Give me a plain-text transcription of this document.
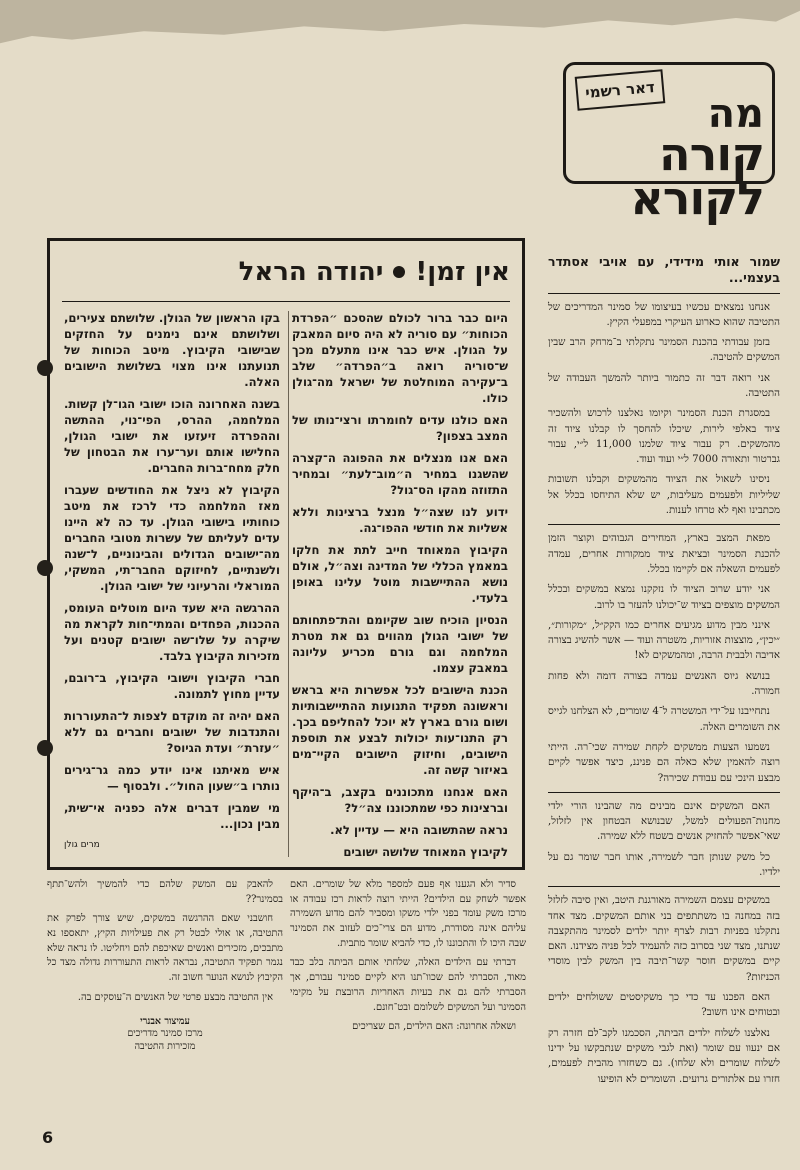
דאר רשמי
מה
קורה לקורא
שמור אותי מידידי, עם אויבי אסתדר בעצמי...

אנחנו נמצאים עכשיו בעיצומו של סמינר המדריכים של התטיבה שהוא כארוע העיקרי במפעלי הקיץ.

בזמן עבודתי בהכנת הסמינר נתקלתי ב־מרחק הרב שבין המשקים להטיבה.

אני רואה דבר זה כתמור ביותר להמשך העבודה של התטיבה.

במסגרת הכנת הסמינר וקיומו נאלצנו לרכוש ולהשכיר ציוד באלפי לירות, שיכלו להחסך לו קבלנו ציוד זה מהמשקים. רק עבור ציוד שלמנו 11,000 ל״י, עבור גברטור ותאורה 7000 ל״י ועוד ועוד.

ניסינו לשאול את הציוד מהמשקים וקבלנו תשובות שליליות ולפעמים מעליבות, יש שלא התיחסו בכלל אל מכתבינו ואף לא טרחו לענות.

מפאת המצב בארץ, המחירים הגבוהים וקוצר הזמן להכנת הסמינר ובציאת ציוד ממקורות אחרים, עמדה לפעמים השאלה אם לקיימו בכלל.

אני יודע שרוב הציוד לו נזקקנו נמצא במשקים ובכלל המשקים מוצפים בציוד ש־יכולנו להעזר בו לרוב.

אינני מבין מדוע מגיעים אחרים כמו הקק״ל, ״מקורות״, ״יכין״, מוצצות אזוריות, משטרה ועוד — אשר להשיג בצורה אדיבה ולבבית הרבה, ומהמשקים לא!

בנושא גיוס האנשים עמדה בצורה דומה ולא פחות חמורה.

נתחייבנו על־ידי המשטרה ל־4 שומרים, לא הצלחנו לגייס את השומרים האלה.

נשמעו הצעות ממשקים לקחת שמירה שכי־רה. הייתי רוצה להאמין שלא כאלה הם פניננ, כיצד אפשר לקיים מבצע הינכי עם עבודת שכירה?

האם המשקים אינם מבינים מה שהבינו הורי ילדי מחנות־הפעולים למשל, שבנושא הבטחון אין לזלזל, שאי־אפשר להחזיק אנשים בשטח ללא שמירה.

כל משק שנותן חבר לשמירה, אותו חבר שומר גם על ילדיו.

במשקים עצמם השמירה מאורגנת היטב, ואין סיבה לזלזל בזה במחנה בו משתתפים בני אותם המשקים. מצד אחד נתקלנו בפניות רבות לצרף יותר ילדים לסמינר מהתקצבה שנתנו, מצד שני בסרוב כזה להעמיד לכל פניה מצידנו. האם קיים במשקים חוסר קשר־תיבה בין המשק לבין מוסדי הכניזות?

האם הפכנו עד כדי כך משקיסטים ששולחים ילדים ובטוחים אינו חשוב?

נאלצנו לשלוח ילדים הביתה, הסכמנו לקב־לם חזרה רק אם ינעוו עם שומר (ואת לגבי משקים שנתבקשו על ידינו לשלוח שומרים ולא שלחו). גם כשחזרו מהבית לפעמים, חזרו עם אלתורים גרועים. השומרים לא הופיעו

אין זמן!
יהודה הראל

היום כבר ברור לכולם שהסכם ״הפרדת הכוחות״ עם סוריה לא היה סיום המאבק על הגולן. איש כבר אינו מתעלם מכך ש־סוריה רואה ב״הפרדה״ שלב ב־עקירה המוחלטת של ישראל מה־גולן כולו.

האם כולנו עדים לחומרתו ורצי־נותו של המצב בצפון?

האם אנו מנצלים את ההפוגה ה־קצרה שהשגנו במחיר ה״מוב־לעת״ ובמחיר התזוזה מהקו הס־גול?

ידוע לנו שצה״ל מנצל ברצינות וללא אשליות את חודשי ההפו־גה.

הקיבוץ המאוחד חייב לתת את חלקו במאמץ הכללי של המדינה וצה״ל, אולם נושא ההתיישבות מוטל עלינו באופן בלעדי.

הנסיון הוכיח שוב שקיומם והת־פתחותם של ישובי הגולן מהווים גם את מטרת המלחמה וגם גורם מכריע עליונה במאבק עצמו.

הכנת הישובים לכל אפשרות היא בראש וראשונה תפקיד התנועות ההתיישבותיות ושום גורם בארץ לא יוכל להחליפם בכך. רק התנו־עות יכולות לבצע את תוספת הישובים, וחיזוק הישובים הקיי־מים באיזור קשה זה.

האם אנחנו מתכוננים בקצב, ב־היקף וברצינות כפי שמתכוננו צה״ל?

נראה שהתשובה היא — עדיין לא.

לקיבוץ המאוחד שלושה ישובים

בקו הראשון של הגולן. שלושתם צעירים, ושלושתם אינם נימנים על החזקים שבישובי הקיבוץ. מיטב הכוחות של תנועתנו אינו מצוי בשלושת הישובים האלה.

בשנה האחרונה הוכו ישובי הגו־לן קשות. המלחמה, ההרס, הפי־נוי, ההתשה וההפרדה זיעזעו את ישובי הגולן, החלישו אותם וער־ערו את הבטחון של חלק מחח־ברות החברים.

הקיבוץ לא ניצל את החודשים שעברו מאז המלחמה כדי לרכז את מיטב כוחותיו בישובי הגולן. עד כה לא היינו עדים לעליתם של עשרות מטובי החברים מה־ישובים הגדולים והבינוניים, ל־שנה ולשנתיים, לחיזוקם החבר־תי, המשקי, המוראלי והרעיוני של ישובי הגולן.

ההרגשה היא שעד היום מוטלים העומס, ההכנות, הפחדים והמתי־חות לקראת מה שיקרה על שלו־שה ישובים קטנים ועל מזכירות הקיבוץ בלבד.

חברי הקיבוץ וישובי הקיבוץ, ב־רובם, עדיין מחוץ לתמונה.

האם יהיה זה מוקדם לצפות ל־התעוררות והתנדבות של ישובים וחברים גם ללא ״עזרת״ ועדת הגיוס?

איש מאיתנו אינו יודע כמה גר־גירים נותרו ב״שעון החול״. ולבסוף —

מי שמבין דברים אלה כפניה אי־שית, מבין נכון...

מרים גולן

סדיר ולא הגענו אף פעם למספר מלא של שומרים. האם אפשר לשחק עם הילדים? הייתי רוצה לראות רכז עבודה או מרכז משק עומד בפני ילדי משקו ומסביר להם מדוע השמירה עליהם אינה מסודרת, מדוע הם צרי־כים לעזוב את הסמינר שבה היכו לו והתכוננו לו, כדי להביא שומר מתבית.

דברתי עם הילדים האלה, שלחתי אותם הביתה בלב כבד מאוד, הסברתי להם שכוו־תנו היא לקיים סמינר עבורם, אך הסברתי להם גם את בעיות האחריות הרובצת על מקימי הסמינר ועל המשקים לשלומם ובט־חונם.

ושאלה אחרונה: האם הילדים, הם שצריכים

להאבק עם המשק שלהם כדי להמשיך ולהש־תתף בסמינר??

חושבני שאם ההרגשה במשקים, שיש צורך לפרק את התטיבה, או אולי לבטל רק את פעילויות הקיץ, יתאספו נא מתבכים, מזכירים ואנשים שאיכפת להם ויחליטו. לו נראה שלא נגמר תפקיד התטיבה, נבראה לראות התעוררות גדולה מצד כל הקיבוץ לנושא הנוער חשוב זה.

אין התטיבה מבצע פרטי של האנשים ה־עוסקים בה.

עמיצור אבנרי
מרכז סמינר מדריכים
מזכירות התטיבה

6
